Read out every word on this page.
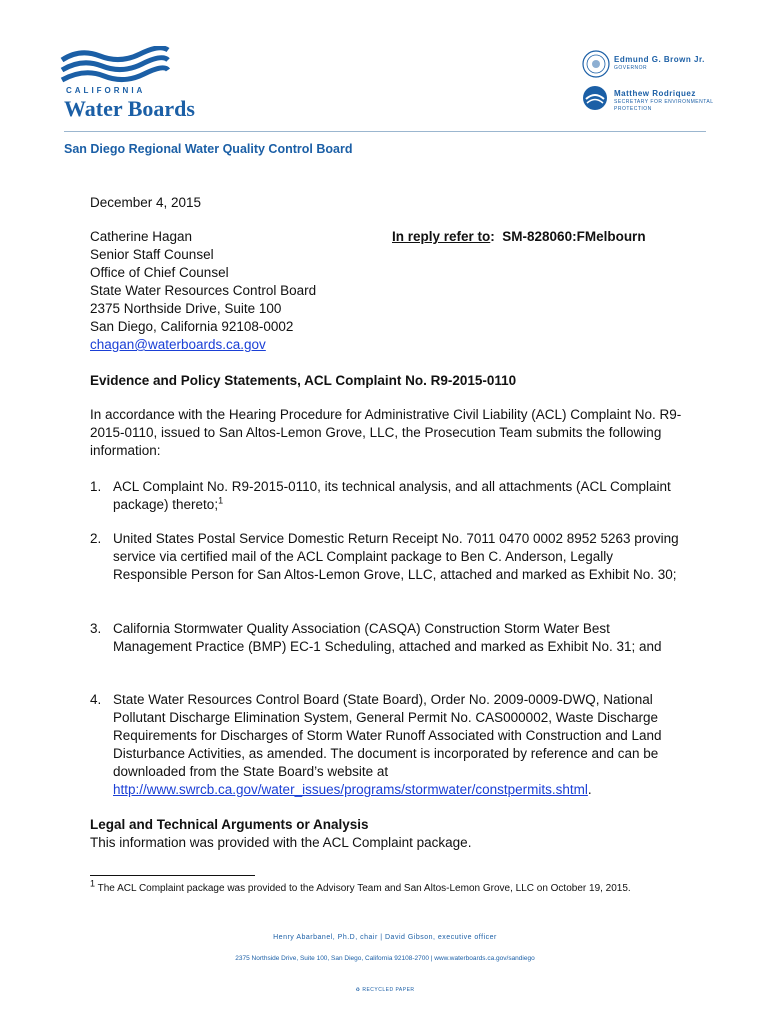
CALIFORNIA
Water Boards
Edmund G. Brown Jr.
GOVERNOR
Matthew Rodriquez
SECRETARY FOR ENVIRONMENTAL PROTECTION
San Diego Regional Water Quality Control Board
December 4, 2015
Catherine Hagan
Senior Staff Counsel
Office of Chief Counsel
State Water Resources Control Board
2375 Northside Drive, Suite 100
San Diego, California 92108-0002
chagan@waterboards.ca.gov
In reply refer to:  SM-828060:FMelbourn
Evidence and Policy Statements, ACL Complaint No. R9-2015-0110
In accordance with the Hearing Procedure for Administrative Civil Liability (ACL) Complaint No. R9-2015-0110, issued to San Altos-Lemon Grove, LLC, the Prosecution Team submits the following information:
1. ACL Complaint No. R9-2015-0110, its technical analysis, and all attachments (ACL Complaint package) thereto;$^1$
2. United States Postal Service Domestic Return Receipt No. 7011 0470 0002 8952 5263 proving service via certified mail of the ACL Complaint package to Ben C. Anderson, Legally Responsible Person for San Altos-Lemon Grove, LLC, attached and marked as Exhibit No. 30;
3. California Stormwater Quality Association (CASQA) Construction Storm Water Best Management Practice (BMP) EC-1 Scheduling, attached and marked as Exhibit No. 31; and
4. State Water Resources Control Board (State Board), Order No. 2009-0009-DWQ, National Pollutant Discharge Elimination System, General Permit No. CAS000002, Waste Discharge Requirements for Discharges of Storm Water Runoff Associated with Construction and Land Disturbance Activities, as amended. The document is incorporated by reference and can be downloaded from the State Board’s website at http://www.swrcb.ca.gov/water_issues/programs/stormwater/constpermits.shtml.
Legal and Technical Arguments or Analysis
This information was provided with the ACL Complaint package.
1 The ACL Complaint package was provided to the Advisory Team and San Altos-Lemon Grove, LLC on October 19, 2015.
Henry Abarbanel, Ph.D, chair | David Gibson, executive officer
2375 Northside Drive, Suite 100, San Diego, California 92108-2700 | www.waterboards.ca.gov/sandiego
♻ RECYCLED PAPER
